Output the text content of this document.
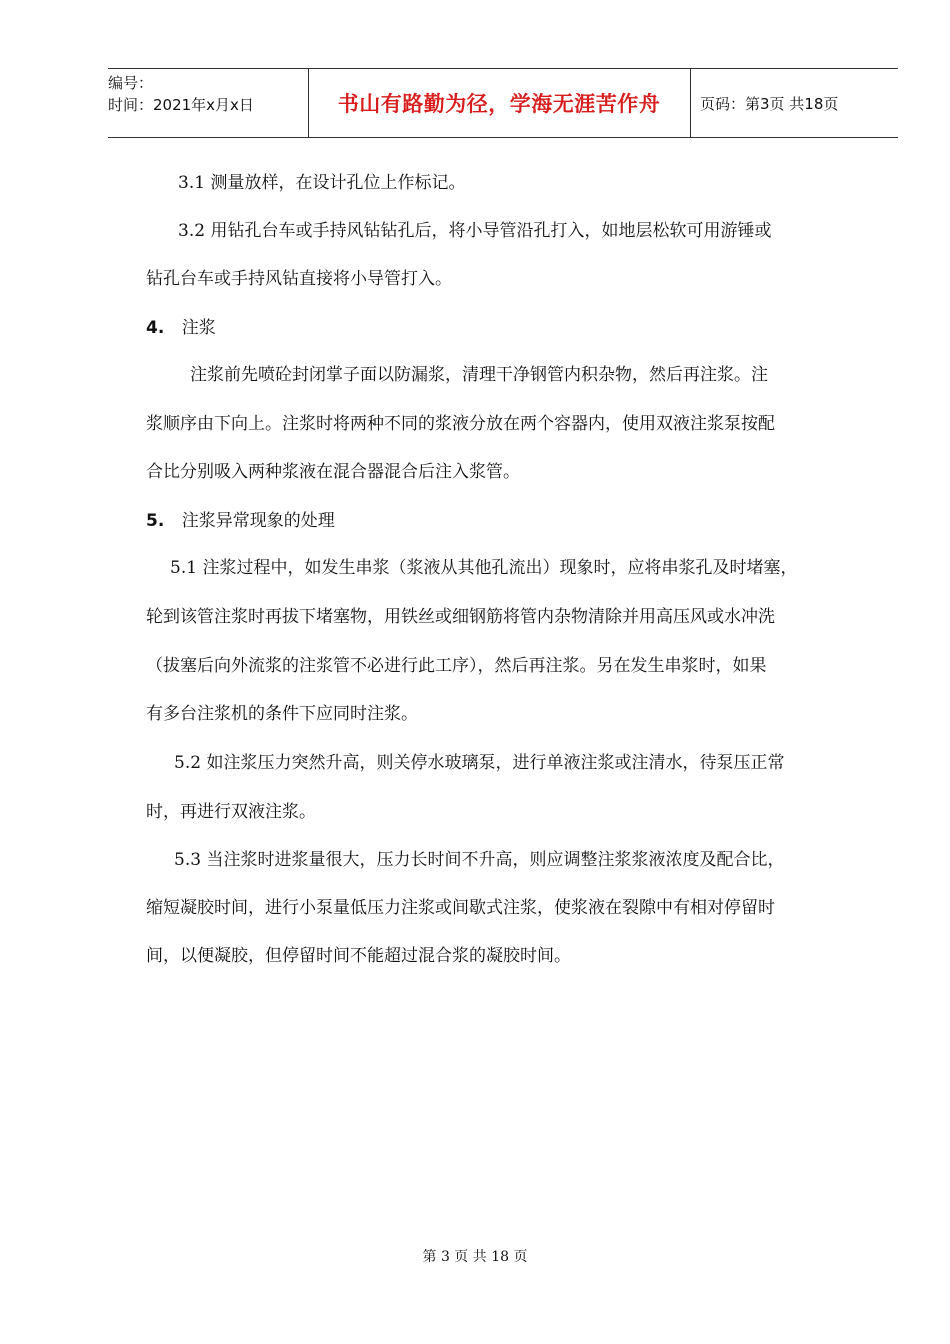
编号：
时间：2021年x月x日	书山有路勤为径，学海无涯苦作舟	页码：第3页 共18页
3.1 测量放样，在设计孔位上作标记。
3.2 用钻孔台车或手持风钻钻孔后，将小导管沿孔打入，如地层松软可用游锤或
钻孔台车或手持风钻直接将小导管打入。
4. 注浆
注浆前先喷砼封闭掌子面以防漏浆，清理干净钢管内积杂物，然后再注浆。注
浆顺序由下向上。注浆时将两种不同的浆液分放在两个容器内，使用双液注浆泵按配
合比分别吸入两种浆液在混合器混合后注入浆管。
5. 注浆异常现象的处理
5.1 注浆过程中，如发生串浆（浆液从其他孔流出）现象时，应将串浆孔及时堵塞，
轮到该管注浆时再拔下堵塞物，用铁丝或细钢筋将管内杂物清除并用高压风或水冲洗
（拔塞后向外流浆的注浆管不必进行此工序），然后再注浆。另在发生串浆时，如果
有多台注浆机的条件下应同时注浆。
5.2 如注浆压力突然升高，则关停水玻璃泵，进行单液注浆或注清水，待泵压正常
时，再进行双液注浆。
5.3 当注浆时进浆量很大，压力长时间不升高，则应调整注浆浆液浓度及配合比，
缩短凝胶时间，进行小泵量低压力注浆或间歇式注浆，使浆液在裂隙中有相对停留时
间，以便凝胶，但停留时间不能超过混合浆的凝胶时间。
第 3 页 共 18 页
